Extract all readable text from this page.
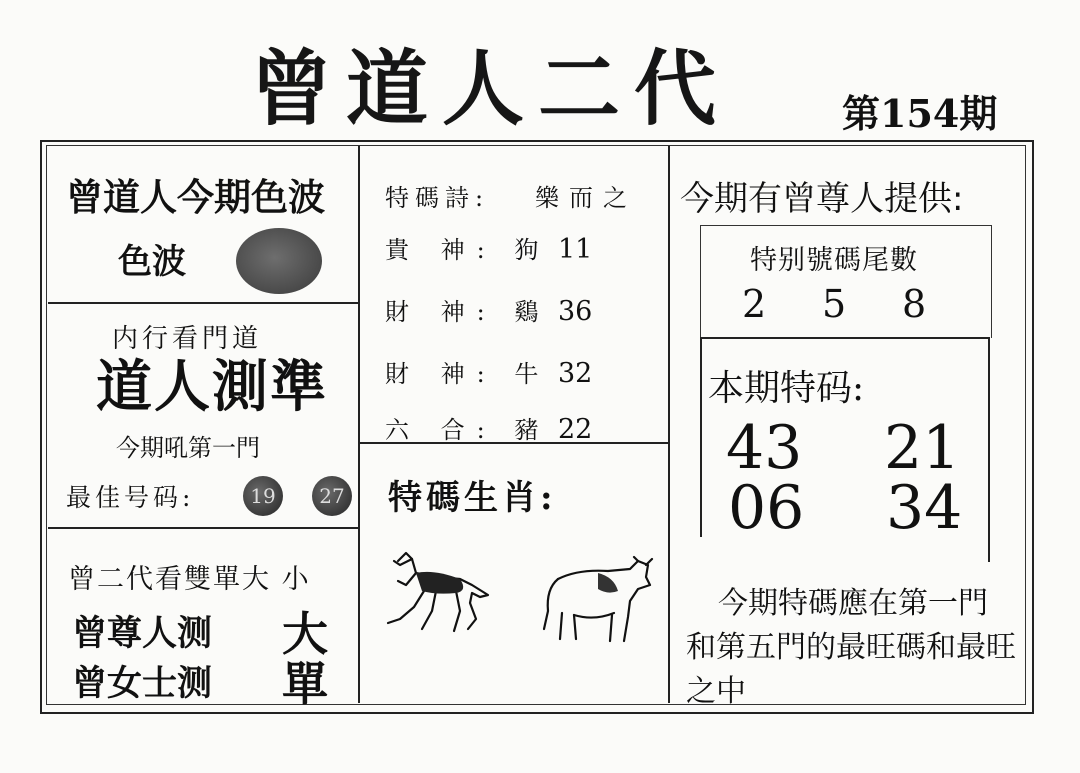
曾道人二代	第154期
曾道人今期色波
色波
内行看門道
道人測準
今期吼第一門
最佳号码:	19	27
曾二代看雙單大 小
曾尊人测 大
曾女士测 單
特碼詩: 樂而之
貴 神: 狗 11
財 神: 鷄 36
財 神: 牛 32
六 合: 豬 22
特碼生肖:
今期有曾尊人提供:
特别號碼尾數
2 5 8
本期特码:
43 21
06 34
今期特碼應在第一門和第五門的最旺碼和最旺之中
